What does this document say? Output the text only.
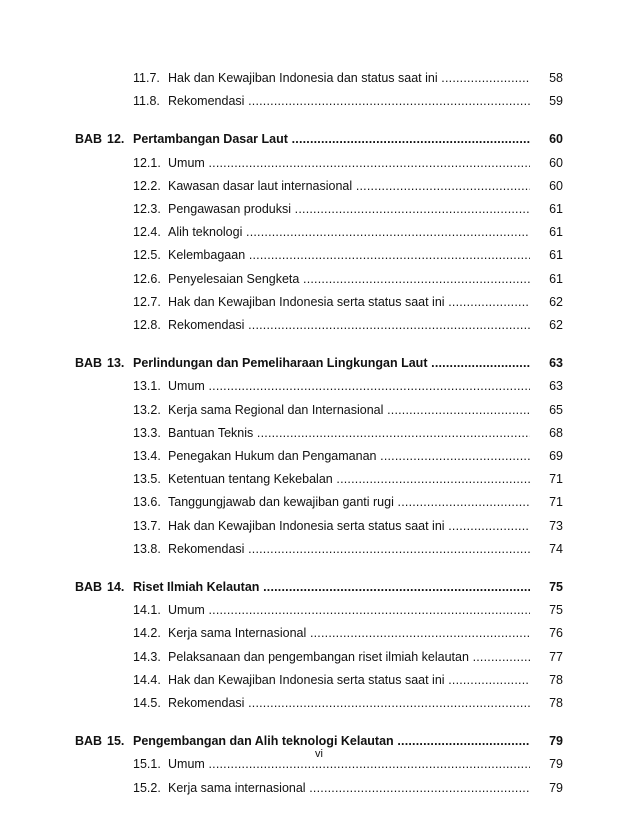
11.7. Hak dan Kewajiban Indonesia dan status saat ini .....	58
11.8. Rekomendasi .....	59
BAB 12. Pertambangan Dasar Laut .....	60
12.1. Umum .....	60
12.2. Kawasan dasar laut internasional .....	60
12.3. Pengawasan produksi .....	61
12.4. Alih teknologi .....	61
12.5. Kelembagaan .....	61
12.6. Penyelesaian Sengketa .....	61
12.7. Hak dan Kewajiban Indonesia serta status saat ini .....	62
12.8. Rekomendasi .....	62
BAB 13. Perlindungan dan Pemeliharaan Lingkungan Laut .....	63
13.1. Umum .....	63
13.2. Kerja sama Regional dan Internasional .....	65
13.3. Bantuan Teknis .....	68
13.4. Penegakan Hukum dan Pengamanan .....	69
13.5. Ketentuan tentang Kekebalan .....	71
13.6. Tanggungjawab dan kewajiban ganti rugi .....	71
13.7. Hak dan Kewajiban Indonesia serta status saat ini .....	73
13.8. Rekomendasi .....	74
BAB 14. Riset Ilmiah Kelautan .....	75
14.1. Umum .....	75
14.2. Kerja sama Internasional .....	76
14.3. Pelaksanaan dan pengembangan riset ilmiah kelautan .....	77
14.4. Hak dan Kewajiban Indonesia serta status saat ini .....	78
14.5. Rekomendasi .....	78
BAB 15. Pengembangan dan Alih teknologi Kelautan .....	79
15.1. Umum .....	79
15.2. Kerja sama internasional .....	79
vi
